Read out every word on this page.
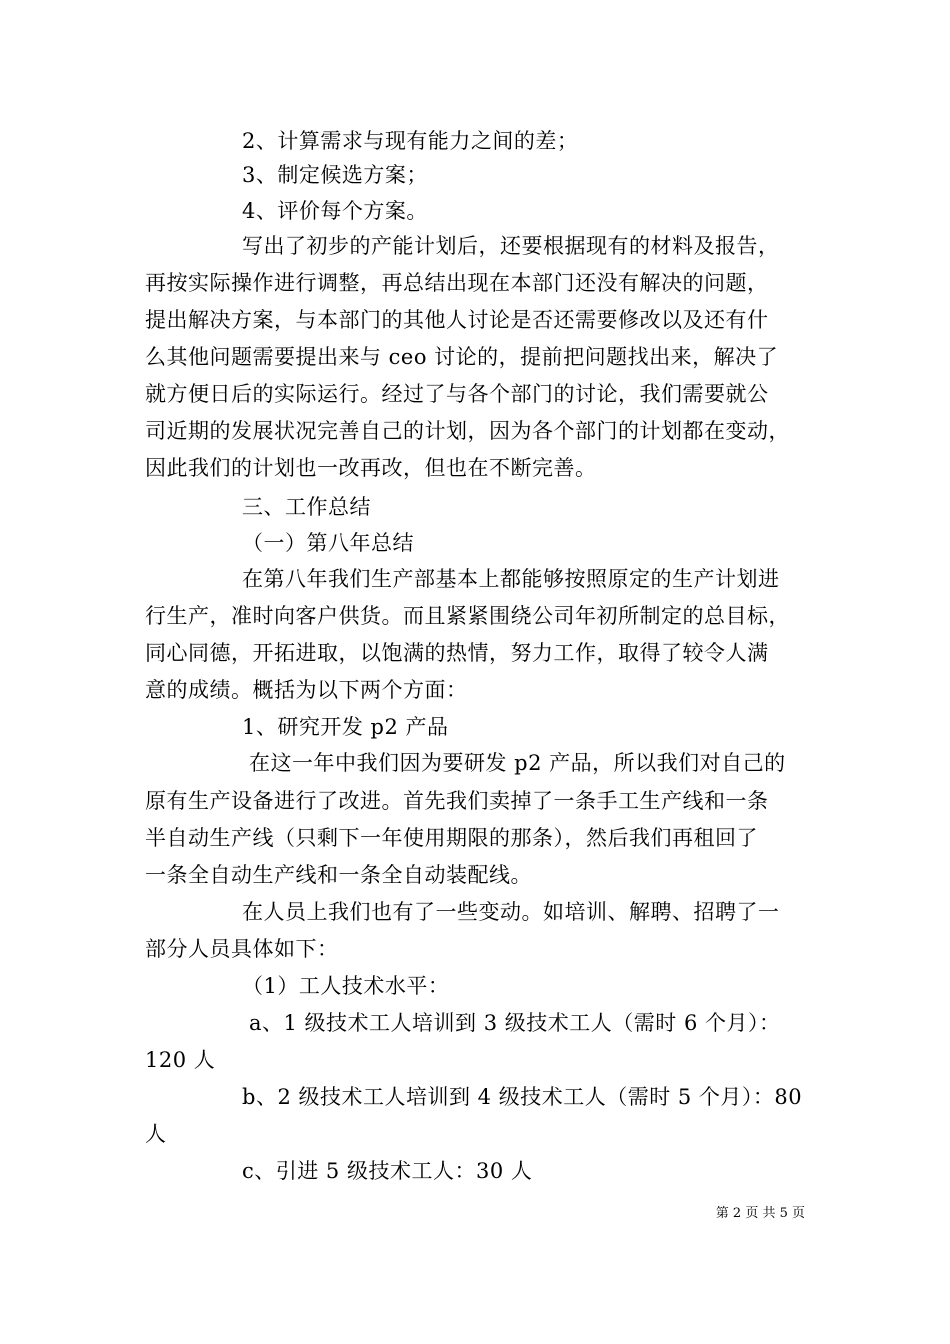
2、计算需求与现有能力之间的差；
3、制定候选方案；
4、评价每个方案。
写出了初步的产能计划后，还要根据现有的材料及报告，
再按实际操作进行调整，再总结出现在本部门还没有解决的问题，
提出解决方案，与本部门的其他人讨论是否还需要修改以及还有什
么其他问题需要提出来与 ceo 讨论的，提前把问题找出来，解决了
就方便日后的实际运行。经过了与各个部门的讨论，我们需要就公
司近期的发展状况完善自己的计划，因为各个部门的计划都在变动，
因此我们的计划也一改再改，但也在不断完善。
三、工作总结
（一）第八年总结
在第八年我们生产部基本上都能够按照原定的生产计划进
行生产，准时向客户供货。而且紧紧围绕公司年初所制定的总目标，
同心同德，开拓进取，以饱满的热情，努力工作，取得了较令人满
意的成绩。概括为以下两个方面：
1、研究开发 p2 产品
在这一年中我们因为要研发 p2 产品，所以我们对自己的
原有生产设备进行了改进。首先我们卖掉了一条手工生产线和一条
半自动生产线（只剩下一年使用期限的那条），然后我们再租回了
一条全自动生产线和一条全自动装配线。
在人员上我们也有了一些变动。如培训、解聘、招聘了一
部分人员具体如下：
（1）工人技术水平：
a、1 级技术工人培训到 3 级技术工人（需时 6 个月）：
120 人
b、2 级技术工人培训到 4 级技术工人（需时 5 个月）：80
人
c、引进 5 级技术工人：30 人
第 2 页 共 5 页
